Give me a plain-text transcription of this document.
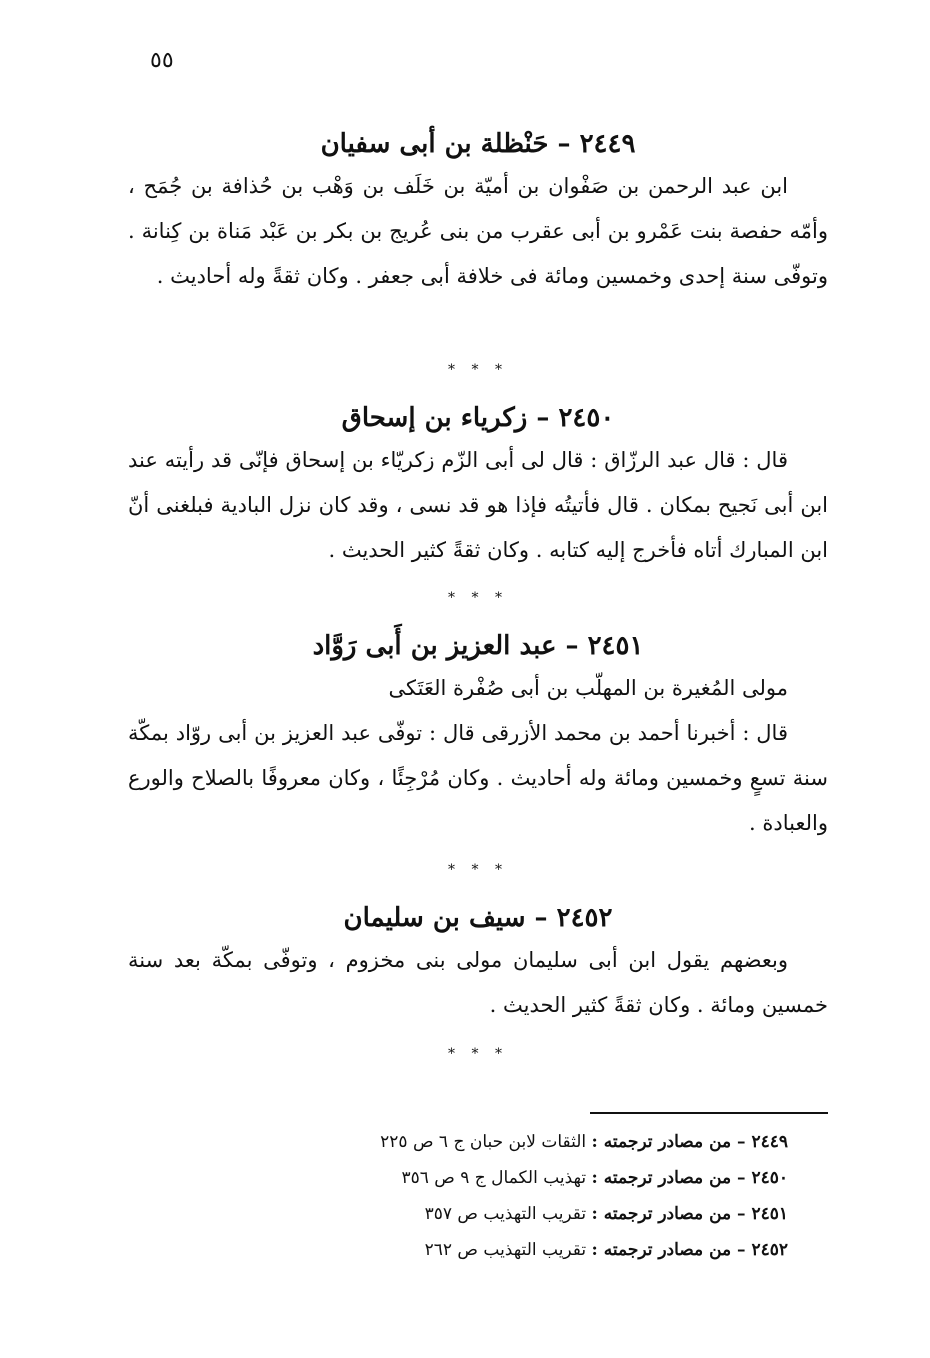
٥٥
٢٤٤٩ – حَنْظلة بن أبى سفيان

ابن عبد الرحمن بن صَفْوان بن أميّة بن خَلَف بن وَهْب بن حُذافة بن جُمَح ، وأمّه حفصة بنت عَمْرو بن أبى عقرب من بنى عُريج بن بكر بن عَبْد مَناة بن كِنانة . وتوفّى سنة إحدى وخمسين ومائة فى خلافة أبى جعفر . وكان ثقةً وله أحاديث .

* * *
٢٤٥٠ – زكرياء بن إسحاق

قال : قال عبد الرزّاق : قال لى أبى الزّم زكريّاء بن إسحاق فإنّى قد رأيته عند ابن أبى نَجيح بمكان . قال فأتيتُه فإذا هو قد نسى ، وقد كان نزل البادية فبلغنى أنّ ابن المبارك أتاه فأخرج إليه كتابه . وكان ثقةً كثير الحديث .

* * *
٢٤٥١ – عبد العزيز بن أَبى رَوَّاد

مولى المُغيرة بن المهلّب بن أبى صُفْرة العَتَكى

قال : أخبرنا أحمد بن محمد الأزرقى قال : توفّى عبد العزيز بن أبى روّاد بمكّة سنة تسعٍ وخمسين ومائة وله أحاديث . وكان مُرْجِئًا ، وكان معروفًا بالصلاح والورع والعبادة .

* * *
٢٤٥٢ – سيف بن سليمان

وبعضهم يقول ابن أبى سليمان مولى بنى مخزوم ، وتوفّى بمكّة بعد سنة خمسين ومائة . وكان ثقةً كثير الحديث .

* * *

٢٤٤٩ – من مصادر ترجمته : الثقات لابن حبان ج ٦ ص ٢٢٥

٢٤٥٠ – من مصادر ترجمته : تهذيب الكمال ج ٩ ص ٣٥٦

٢٤٥١ – من مصادر ترجمته : تقريب التهذيب ص ٣٥٧

٢٤٥٢ – من مصادر ترجمته : تقريب التهذيب ص ٢٦٢
